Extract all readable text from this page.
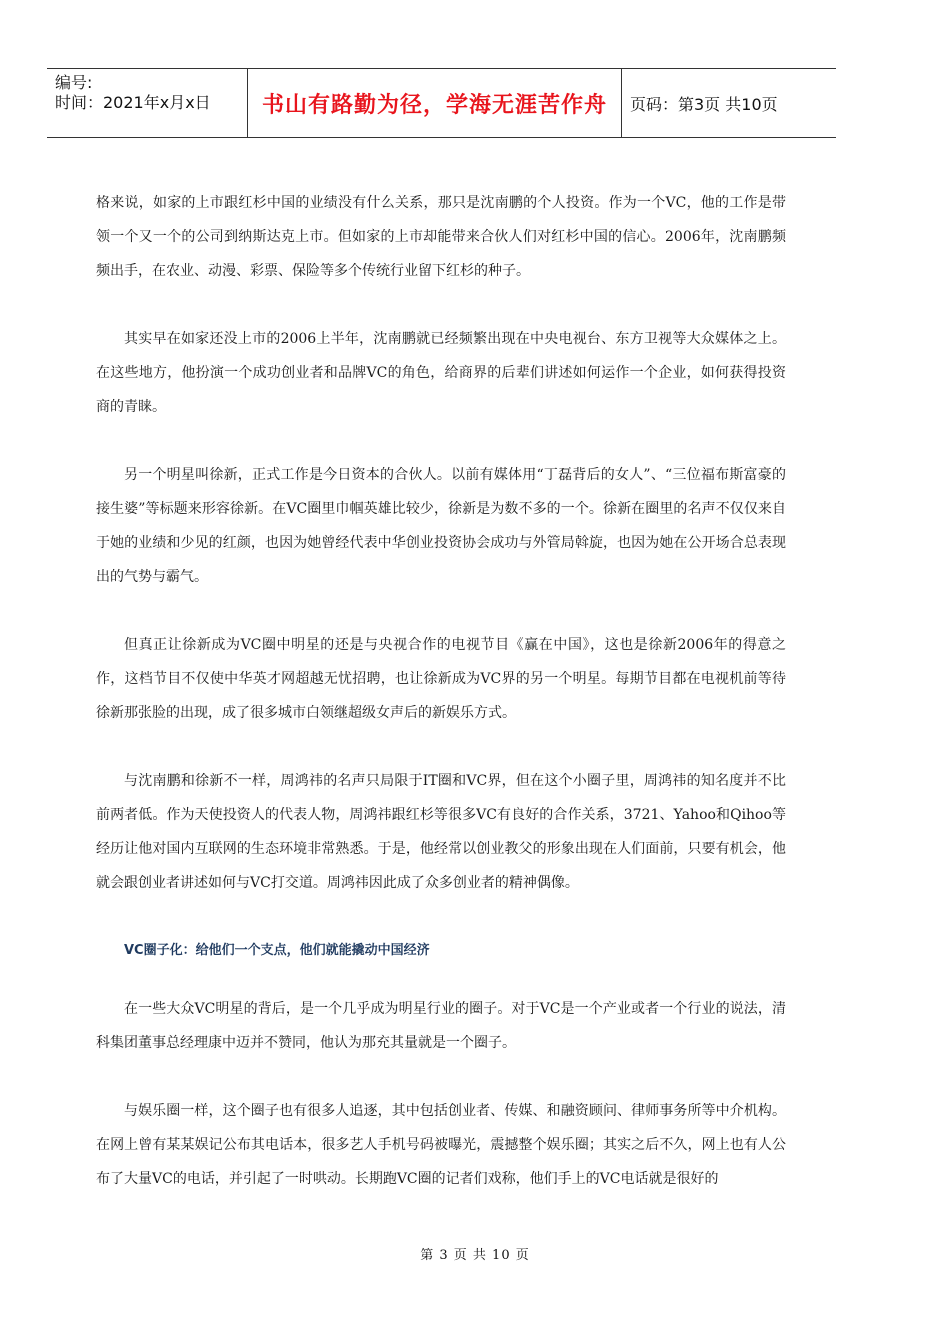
编号:
时间：2021年x月x日	书山有路勤为径，学海无涯苦作舟	页码：第3页 共10页

格来说，如家的上市跟红杉中国的业绩没有什么关系，那只是沈南鹏的个人投资。作为一个VC，他的工作是带领一个又一个的公司到纳斯达克上市。但如家的上市却能带来合伙人们对红杉中国的信心。2006年，沈南鹏频频出手，在农业、动漫、彩票、保险等多个传统行业留下红杉的种子。

其实早在如家还没上市的2006上半年，沈南鹏就已经频繁出现在中央电视台、东方卫视等大众媒体之上。在这些地方，他扮演一个成功创业者和品牌VC的角色，给商界的后辈们讲述如何运作一个企业，如何获得投资商的青睐。

另一个明星叫徐新，正式工作是今日资本的合伙人。以前有媒体用“丁磊背后的女人”、“三位福布斯富豪的接生婆”等标题来形容徐新。在VC圈里巾帼英雄比较少，徐新是为数不多的一个。徐新在圈里的名声不仅仅来自于她的业绩和少见的红颜，也因为她曾经代表中华创业投资协会成功与外管局斡旋，也因为她在公开场合总表现出的气势与霸气。

但真正让徐新成为VC圈中明星的还是与央视合作的电视节目《赢在中国》，这也是徐新2006年的得意之作，这档节目不仅使中华英才网超越无忧招聘，也让徐新成为VC界的另一个明星。每期节目都在电视机前等待徐新那张脸的出现，成了很多城市白领继超级女声后的新娱乐方式。

与沈南鹏和徐新不一样，周鸿祎的名声只局限于IT圈和VC界，但在这个小圈子里，周鸿祎的知名度并不比前两者低。作为天使投资人的代表人物，周鸿祎跟红杉等很多VC有良好的合作关系，3721、Yahoo和Qihoo等经历让他对国内互联网的生态环境非常熟悉。于是，他经常以创业教父的形象出现在人们面前，只要有机会，他就会跟创业者讲述如何与VC打交道。周鸿祎因此成了众多创业者的精神偶像。

VC圈子化：给他们一个支点，他们就能撬动中国经济

在一些大众VC明星的背后，是一个几乎成为明星行业的圈子。对于VC是一个产业或者一个行业的说法，清科集团董事总经理康中迈并不赞同，他认为那充其量就是一个圈子。

与娱乐圈一样，这个圈子也有很多人追逐，其中包括创业者、传媒、和融资顾问、律师事务所等中介机构。在网上曾有某某娱记公布其电话本，很多艺人手机号码被曝光，震撼整个娱乐圈；其实之后不久，网上也有人公布了大量VC的电话，并引起了一时哄动。长期跑VC圈的记者们戏称，他们手上的VC电话就是很好的

第 3 页 共 10 页
